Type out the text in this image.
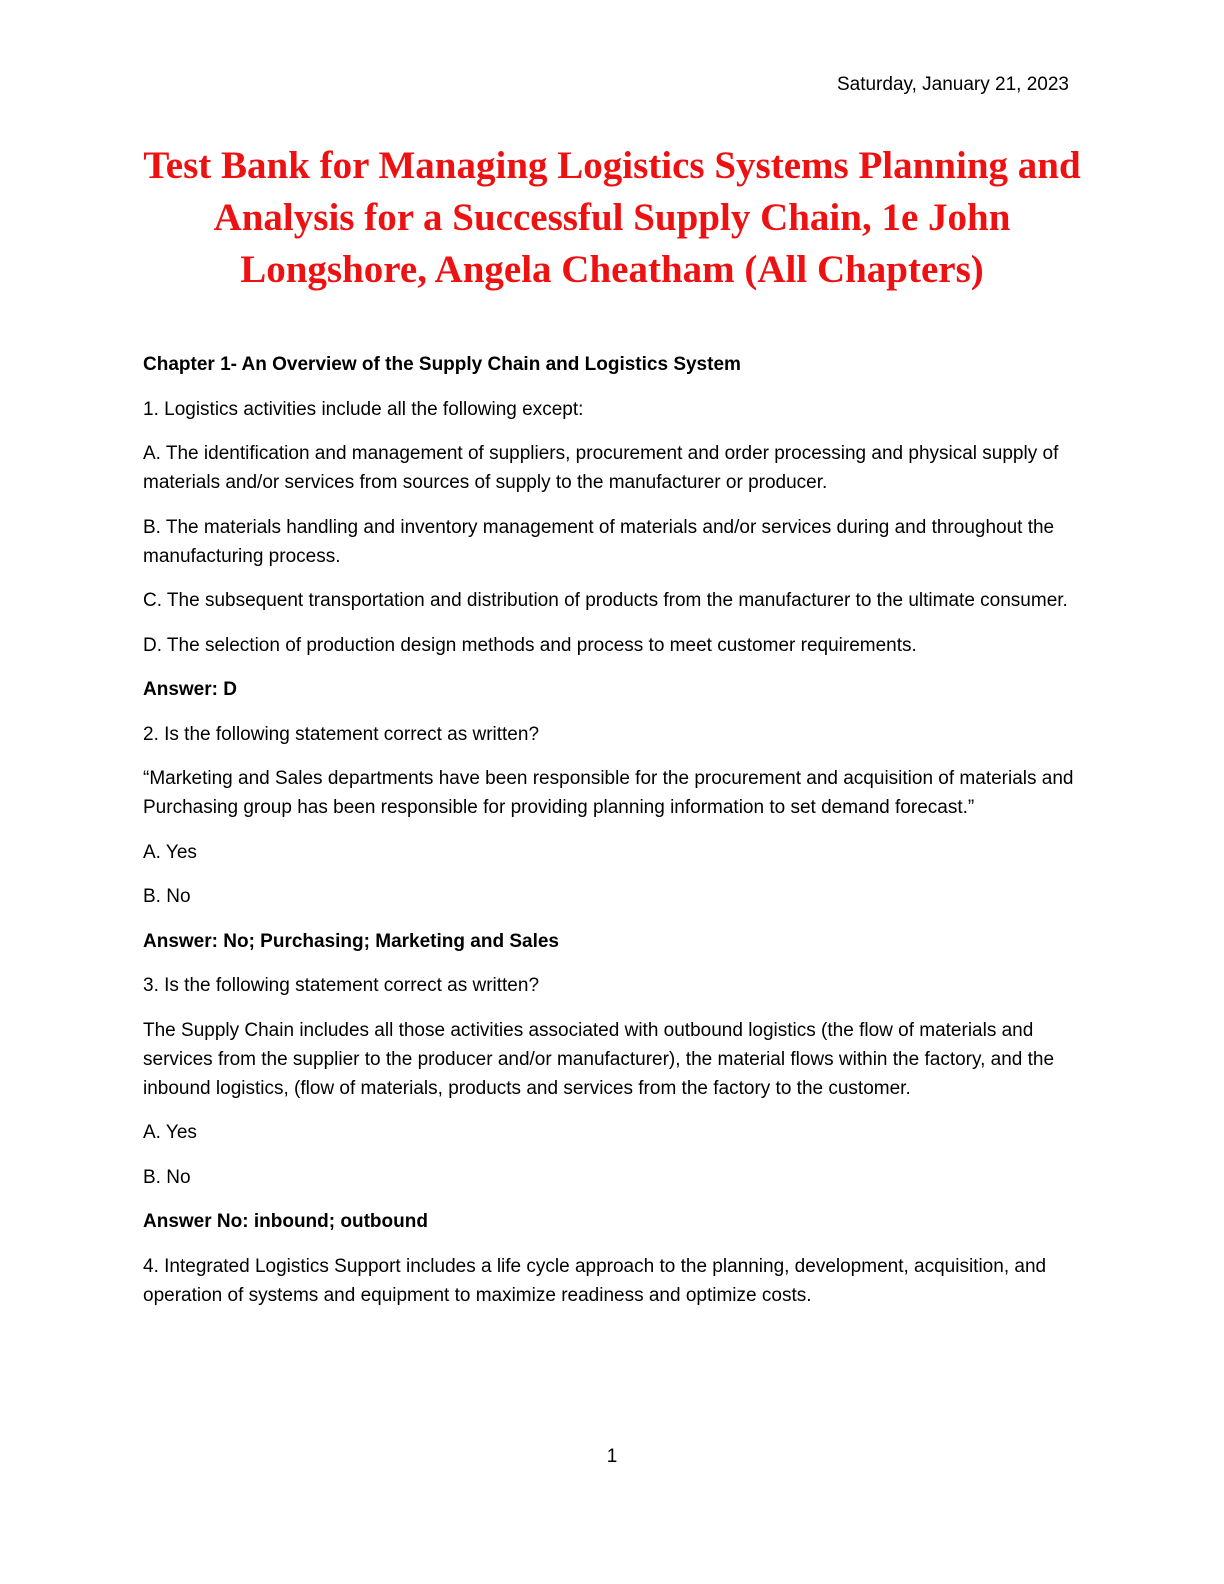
Saturday, January 21, 2023
Test Bank for Managing Logistics Systems Planning and Analysis for a Successful Supply Chain, 1e John Longshore, Angela Cheatham (All Chapters)

Chapter 1- An Overview of the Supply Chain and Logistics System

1. Logistics activities include all the following except:

A. The identification and management of suppliers, procurement and order processing and physical supply of materials and/or services from sources of supply to the manufacturer or producer.

B. The materials handling and inventory management of materials and/or services during and throughout the manufacturing process.

C. The subsequent transportation and distribution of products from the manufacturer to the ultimate consumer.

D. The selection of production design methods and process to meet customer requirements.

Answer: D

2. Is the following statement correct as written?

“Marketing and Sales departments have been responsible for the procurement and acquisition of materials and Purchasing group has been responsible for providing planning information to set demand forecast.”

A. Yes

B. No

Answer: No; Purchasing; Marketing and Sales

3. Is the following statement correct as written?

The Supply Chain includes all those activities associated with outbound logistics (the flow of materials and services from the supplier to the producer and/or manufacturer), the material flows within the factory, and the inbound logistics, (flow of materials, products and services from the factory to the customer.

A. Yes

B. No

Answer No: inbound; outbound

4. Integrated Logistics Support includes a life cycle approach to the planning, development, acquisition, and operation of systems and equipment to maximize readiness and optimize costs.

1
